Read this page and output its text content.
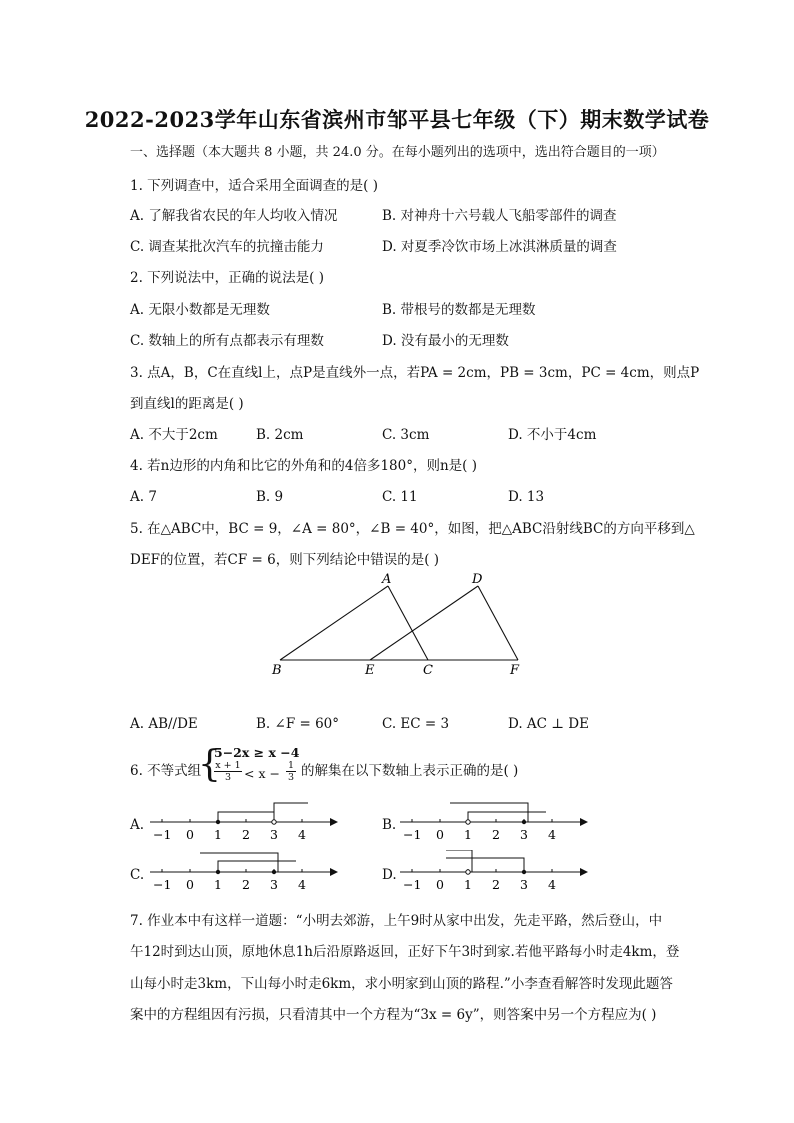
2022-2023学年山东省滨州市邹平县七年级（下）期末数学试卷
一、选择题（本大题共 8 小题，共 24.0 分。在每小题列出的选项中，选出符合题目的一项）
1. 下列调查中，适合采用全面调查的是( )
A. 了解我省农民的年人均收入情况	B. 对神舟十六号载人飞船零部件的调查
C. 调查某批次汽车的抗撞击能力	D. 对夏季冷饮市场上冰淇淋质量的调查
2. 下列说法中，正确的说法是( )
A. 无限小数都是无理数	B. 带根号的数都是无理数
C. 数轴上的所有点都表示有理数	D. 没有最小的无理数
3. 点A，B，C在直线l上，点P是直线外一点，若PA = 2cm，PB = 3cm，PC = 4cm，则点P
到直线l的距离是( )
A. 不大于2cm	B. 2cm	C. 3cm	D. 不小于4cm
4. 若n边形的内角和比它的外角和的4倍多180°，则n是( )
A. 7	B. 9	C. 11	D. 13
5. 在△ABC中，BC = 9，∠A = 80°，∠B = 40°，如图，把△ABC沿射线BC的方向平移到△
DEF的位置，若CF = 6，则下列结论中错误的是( )
A
B	C
D
E	F
A. AB//DE	B. ∠F = 60°	C. EC = 3	D. AC ⊥ DE
6. 不等式组
{
5−2x ≥ x −4
$\frac{x + 1}{3} < x - \frac{1}{3}$ 的解集在以下数轴上表示正确的是( )
A.
−1 0 1 2 3 4
B.
−1 0 1 2 3 4
C.
−1 0 1 2 3 4
D.
−1 0 1 2 3 4
7. 作业本中有这样一道题：“小明去郊游，上午9时从家中出发，先走平路，然后登山，中
午12时到达山顶，原地休息1h后沿原路返回，正好下午3时到家.若他平路每小时走4km，登
山每小时走3km，下山每小时走6km，求小明家到山顶的路程.”小李查看解答时发现此题答
案中的方程组因有污损，只看清其中一个方程为“3x = 6y”，则答案中另一个方程应为( )
